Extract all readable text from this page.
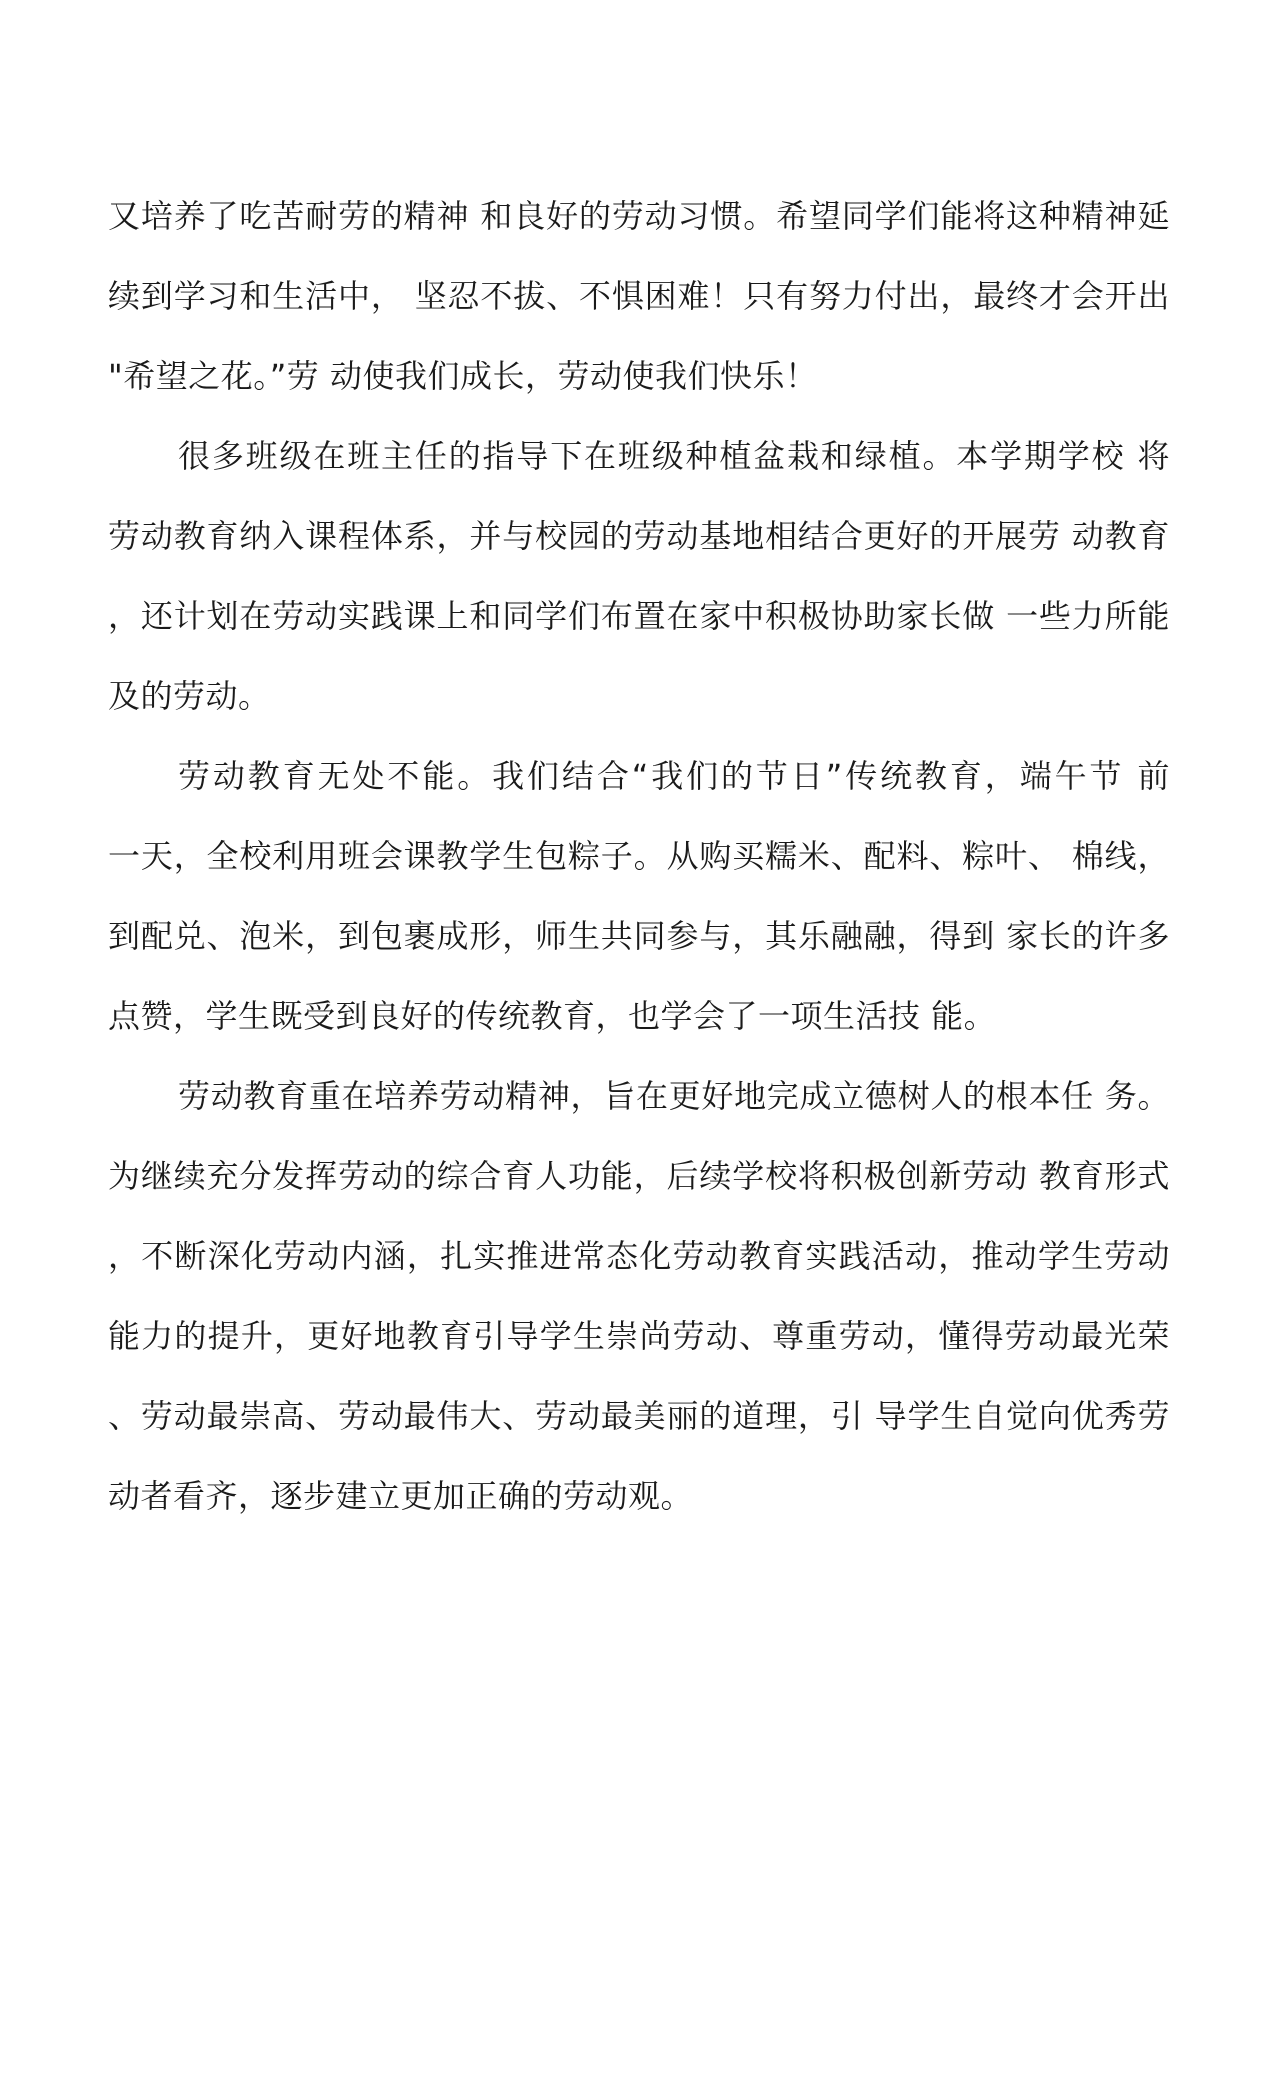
又培养了吃苦耐劳的精神 和良好的劳动习惯。希望同学们能将这种精神延
续到学习和生活中， 坚忍不拔、不惧困难！只有努力付出，最终才会开出
"希望之花。”劳 动使我们成长，劳动使我们快乐！
很多班级在班主任的指导下在班级种植盆栽和绿植。本学期学校 将
劳动教育纳入课程体系，并与校园的劳动基地相结合更好的开展劳 动教育
，还计划在劳动实践课上和同学们布置在家中积极协助家长做 一些力所能
及的劳动。
劳动教育无处不能。我们结合“我们的节日”传统教育，端午节 前
一天，全校利用班会课教学生包粽子。从购买糯米、配料、粽叶、 棉线，
到配兑、泡米，到包裹成形，师生共同参与，其乐融融，得到 家长的许多
点赞，学生既受到良好的传统教育，也学会了一项生活技 能。
劳动教育重在培养劳动精神，旨在更好地完成立德树人的根本任 务。
为继续充分发挥劳动的综合育人功能，后续学校将积极创新劳动 教育形式
，不断深化劳动内涵，扎实推进常态化劳动教育实践活动，推动学生劳动
能力的提升，更好地教育引导学生崇尚劳动、尊重劳动，懂得劳动最光荣
、劳动最崇高、劳动最伟大、劳动最美丽的道理，引 导学生自觉向优秀劳
动者看齐，逐步建立更加正确的劳动观。
